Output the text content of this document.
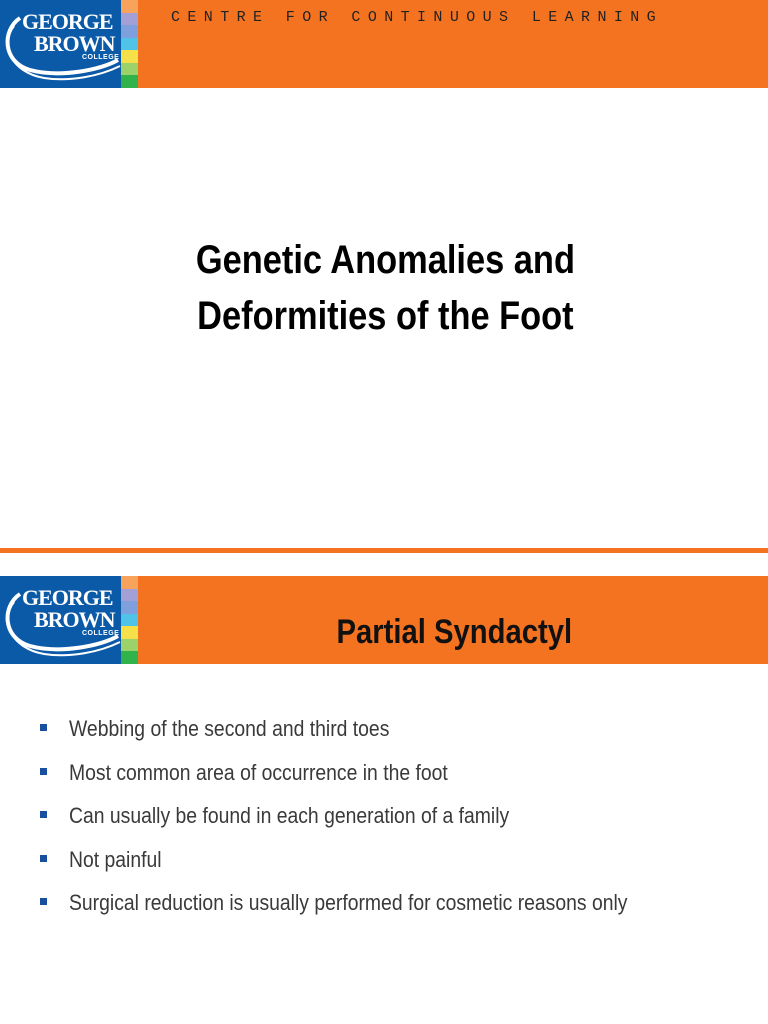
GEORGE
BROWN
COLLEGE
CENTRE FOR CONTINUOUS LEARNING
Genetic Anomalies and
Deformities of the Foot
GEORGE
BROWN
COLLEGE	Partial Syndactyl
Webbing of the second and third toes
Most common area of occurrence in the foot
Can usually be found in each generation of a family
Not painful
Surgical reduction is usually performed for cosmetic reasons only
